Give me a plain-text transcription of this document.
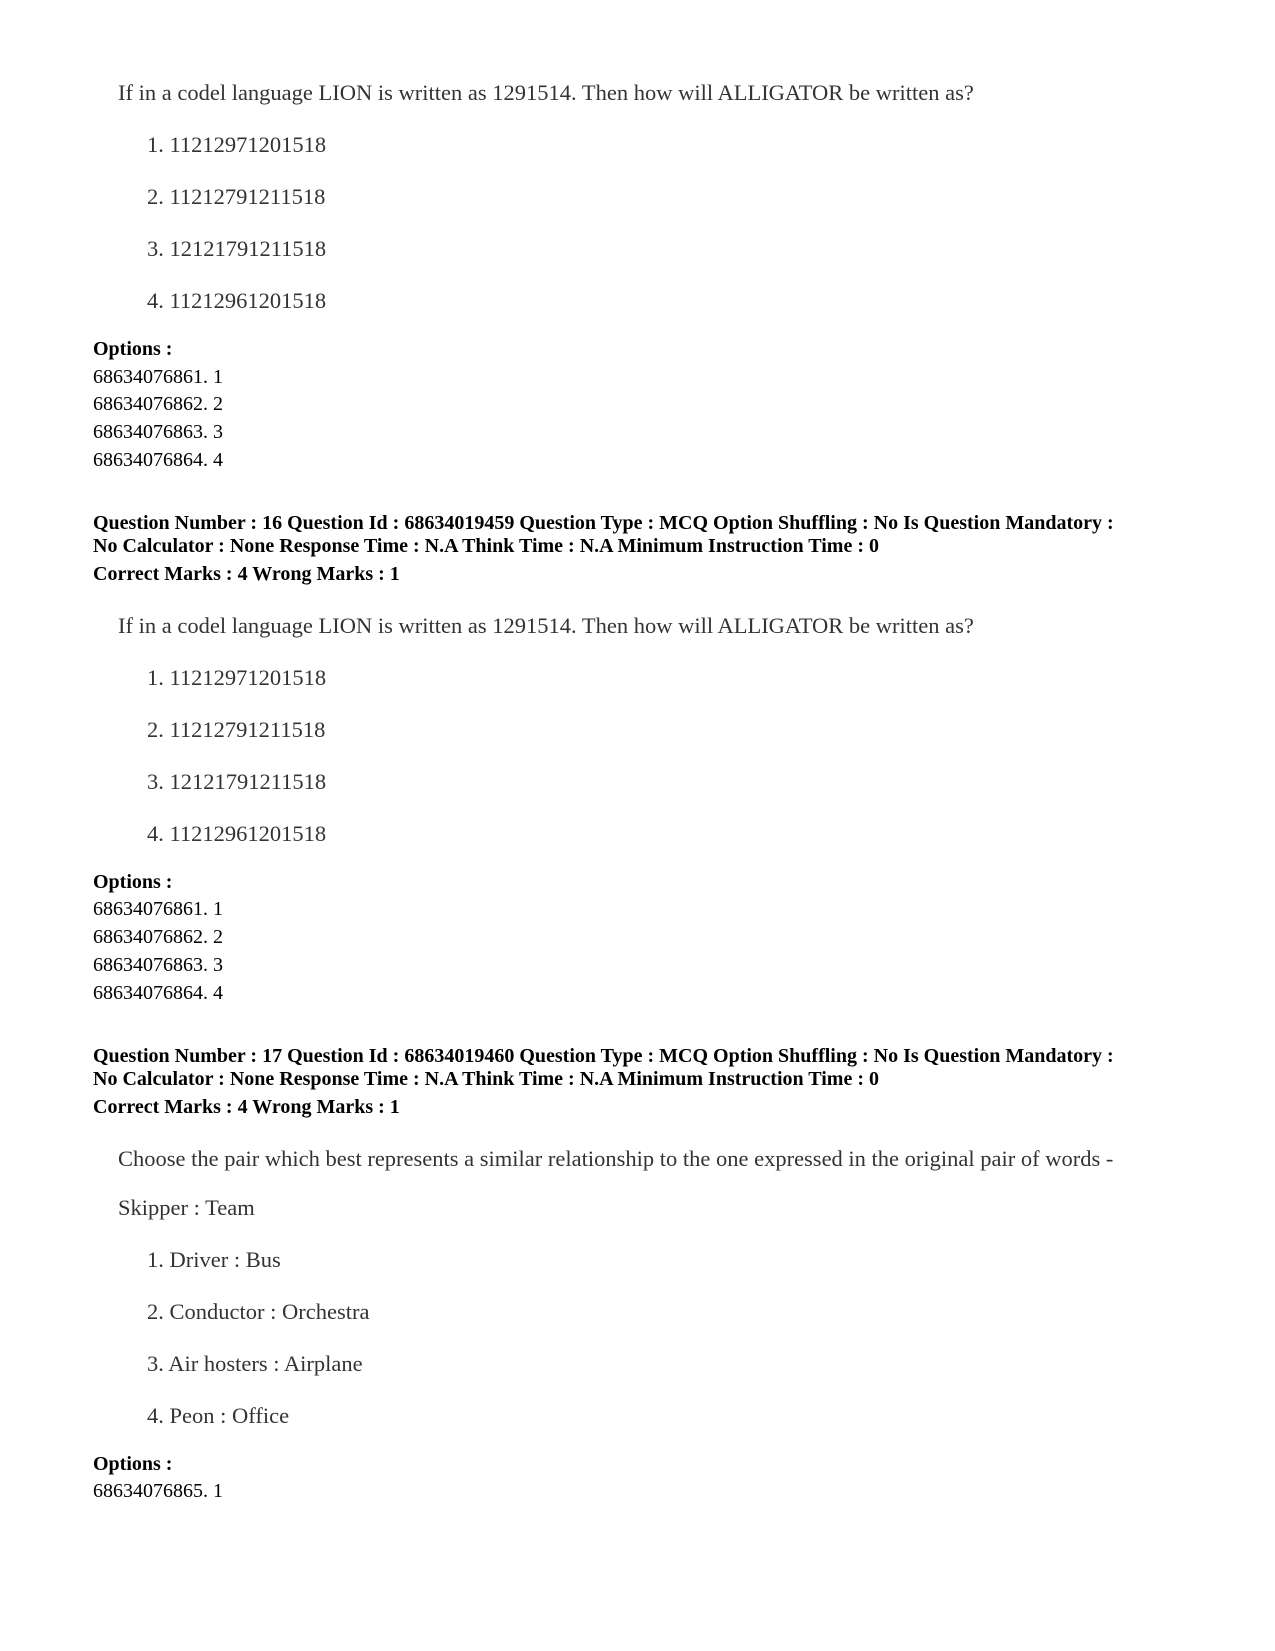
If in a codel language LION is written as 1291514. Then how will ALLIGATOR be written as?
1. 11212971201518
2. 11212791211518
3. 12121791211518
4. 11212961201518
Options :
68634076861. 1
68634076862. 2
68634076863. 3
68634076864. 4
Question Number : 16 Question Id : 68634019459 Question Type : MCQ Option Shuffling : No Is Question Mandatory :
No Calculator : None Response Time : N.A Think Time : N.A Minimum Instruction Time : 0
Correct Marks : 4 Wrong Marks : 1
If in a codel language LION is written as 1291514. Then how will ALLIGATOR be written as?
1. 11212971201518
2. 11212791211518
3. 12121791211518
4. 11212961201518
Options :
68634076861. 1
68634076862. 2
68634076863. 3
68634076864. 4
Question Number : 17 Question Id : 68634019460 Question Type : MCQ Option Shuffling : No Is Question Mandatory :
No Calculator : None Response Time : N.A Think Time : N.A Minimum Instruction Time : 0
Correct Marks : 4 Wrong Marks : 1
Choose the pair which best represents a similar relationship to the one expressed in the original pair of words -
Skipper : Team
1. Driver : Bus
2. Conductor : Orchestra
3. Air hosters : Airplane
4. Peon : Office
Options :
68634076865. 1
